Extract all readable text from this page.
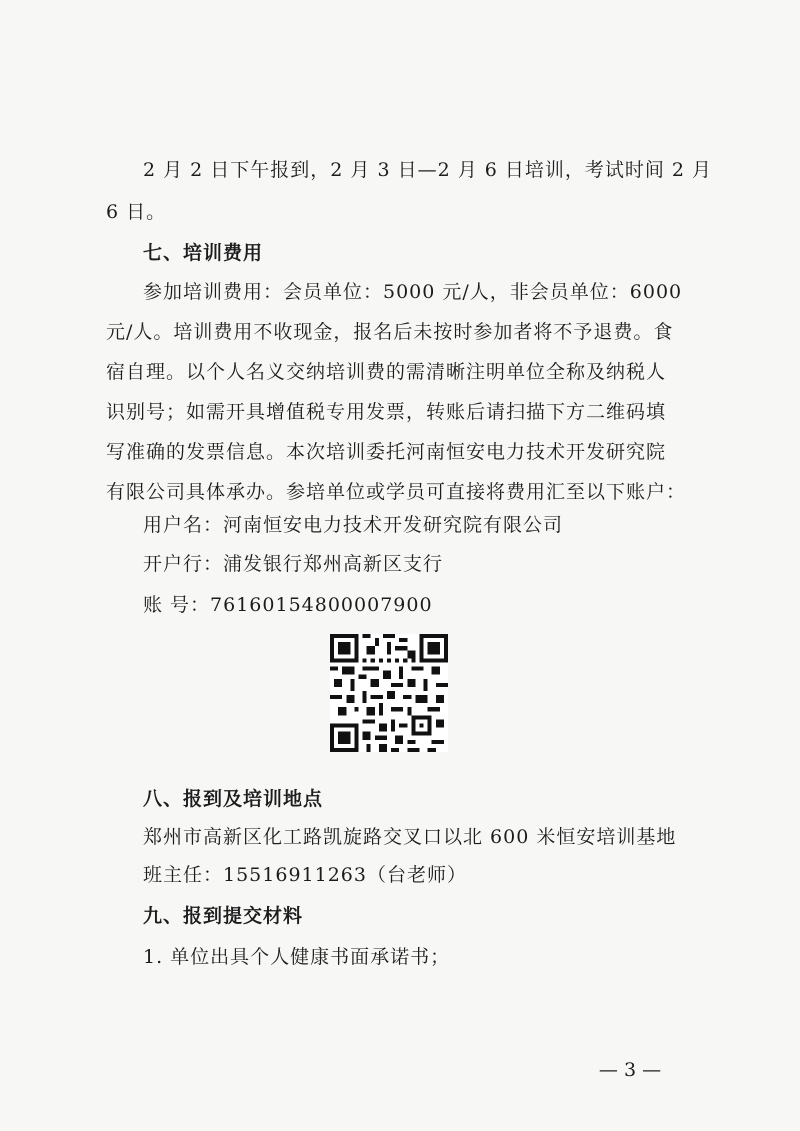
2 月 2 日下午报到，2 月 3 日—2 月 6 日培训，考试时间 2 月
6 日。
七、培训费用
参加培训费用：会员单位：5000 元/人，非会员单位：6000
元/人。培训费用不收现金，报名后未按时参加者将不予退费。食
宿自理。以个人名义交纳培训费的需清晰注明单位全称及纳税人
识别号；如需开具增值税专用发票，转账后请扫描下方二维码填
写准确的发票信息。本次培训委托河南恒安电力技术开发研究院
有限公司具体承办。参培单位或学员可直接将费用汇至以下账户：
用户名：河南恒安电力技术开发研究院有限公司
开户行：浦发银行郑州高新区支行
账 号：76160154800007900
八、报到及培训地点
郑州市高新区化工路凯旋路交叉口以北 600 米恒安培训基地
班主任：15516911263（台老师）
九、报到提交材料
1. 单位出具个人健康书面承诺书；
— 3 —
